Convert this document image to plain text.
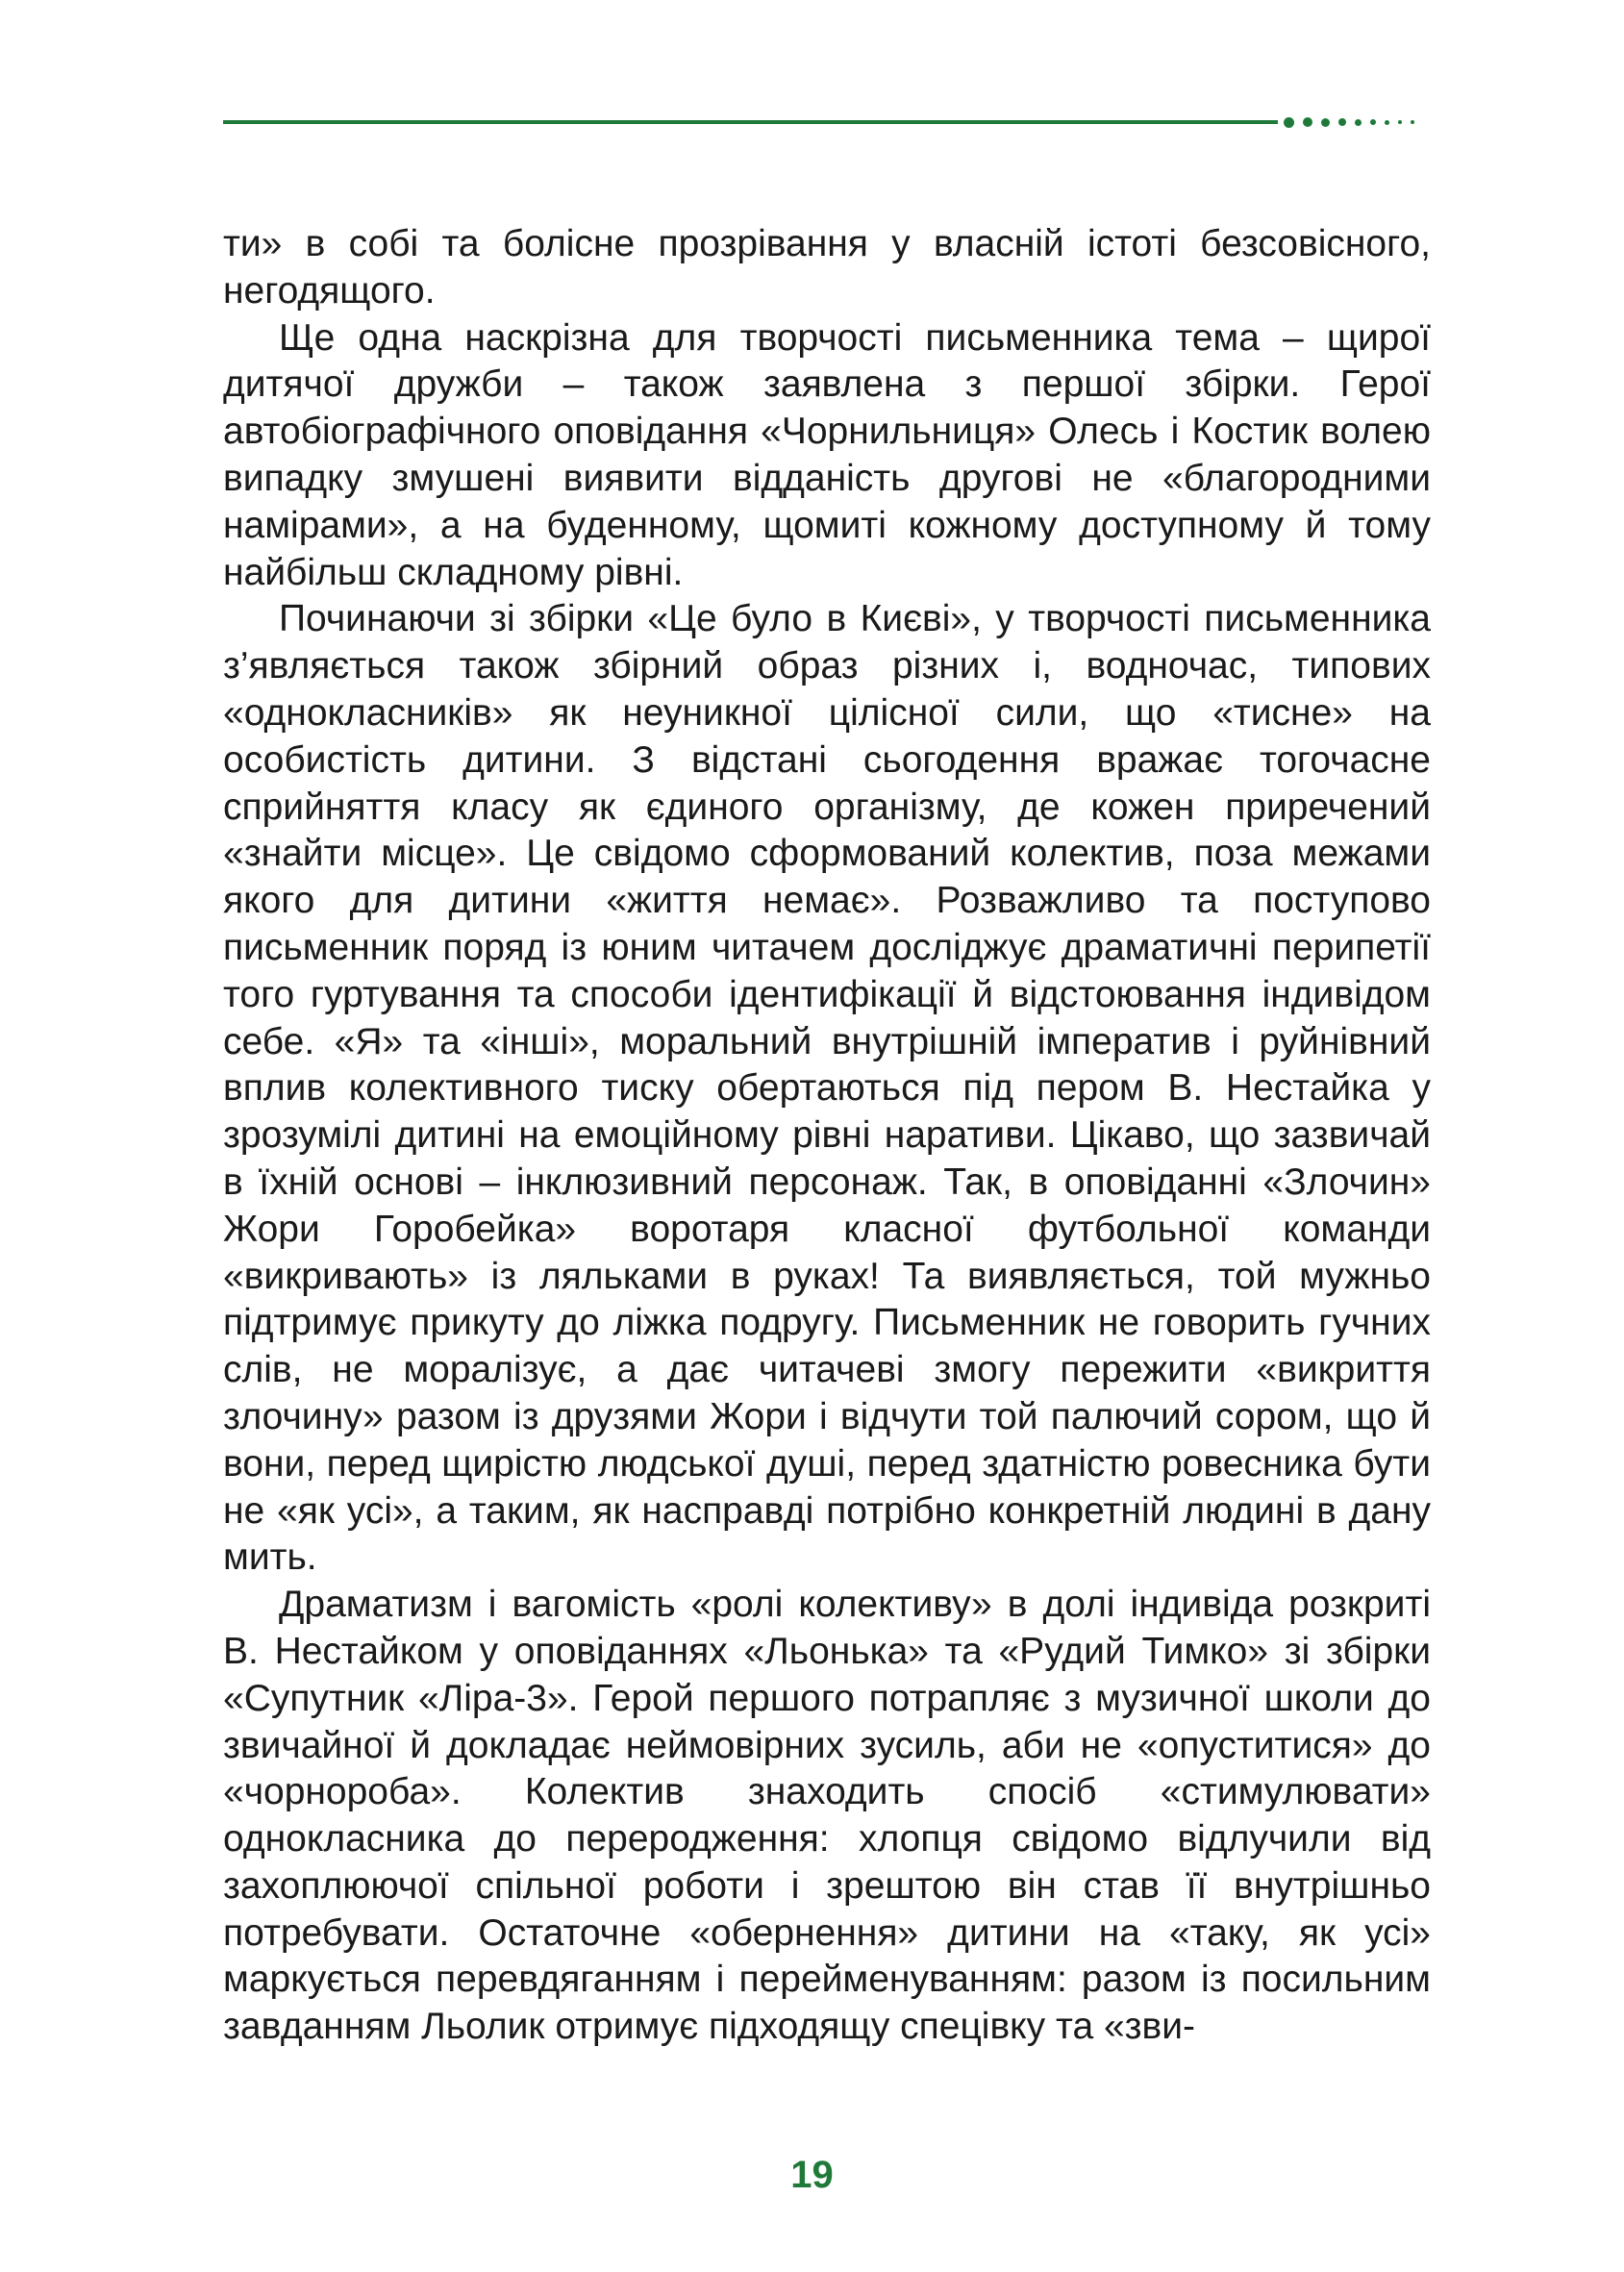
ти» в собі та болісне прозрівання у власній істоті безсовісного, негодящого.

Ще одна наскрізна для творчості письменника тема – щирої дитячої дружби – також заявлена з першої збірки. Герої автобіографічного оповідання «Чорнильниця» Олесь і Костик волею випадку змушені виявити відданість другові не «благородними намірами», а на буденному, щомиті кожному доступному й тому найбільш складному рівні.

Починаючи зі збірки «Це було в Києві», у творчості письменника з’являється також збірний образ різних і, водночас, типових «однокласників» як неуникної цілісної сили, що «тисне» на особистість дитини. З відстані сьогодення вражає тогочасне сприйняття класу як єдиного організму, де кожен приречений «знайти місце». Це свідомо сформований колектив, поза межами якого для дитини «життя немає». Розважливо та поступово письменник поряд із юним читачем досліджує драматичні перипетії того гуртування та способи ідентифікації й відстоювання індивідом себе. «Я» та «інші», моральний внутрішній імператив і руйнівний вплив колективного тиску обертаються під пером В. Нестайка у зрозумілі дитині на емоційному рівні наративи. Цікаво, що зазвичай в їхній основі – інклюзивний персонаж. Так, в оповіданні «Злочин» Жори Горобейка» воротаря класної футбольної команди «викривають» із ляльками в руках! Та виявляється, той мужньо підтримує прикуту до ліжка подругу. Письменник не говорить гучних слів, не моралізує, а дає читачеві змогу пережити «викриття злочину» разом із друзями Жори і відчути той палючий сором, що й вони, перед щирістю людської душі, перед здатністю ровесника бути не «як усі», а таким, як насправді потрібно конкретній людині в дану мить.

Драматизм і вагомість «ролі колективу» в долі індивіда розкриті В. Нестайком у оповіданнях «Льонька» та «Рудий Тимко» зі збірки «Супутник «Ліра-3». Герой першого потрапляє з музичної школи до звичайної й докладає неймовірних зусиль, аби не «опуститися» до «чорнороба». Колектив знаходить спосіб «стимулювати» однокласника до переродження: хлопця свідомо відлучили від захоплюючої спільної роботи і зрештою він став її внутрішньо потребувати. Остаточне «обернення» дитини на «таку, як усі» маркується перевдяганням і перейменуванням: разом із посильним завданням Льолик отримує підходящу спецівку та «зви-

19
